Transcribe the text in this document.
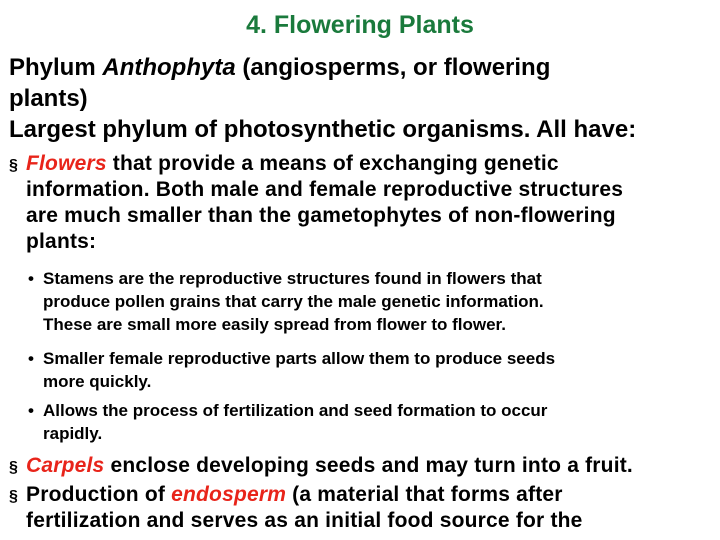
4. Flowering Plants
Phylum Anthophyta (angiosperms, or flowering
plants)
Largest phylum of photosynthetic organisms. All have:
§ Flowers that provide a means of exchanging genetic
information. Both male and female reproductive structures
are much smaller than the gametophytes of non-flowering
plants:
• Stamens are the reproductive structures found in flowers that
produce pollen grains that carry the male genetic information.
These are small more easily spread from flower to flower.
• Smaller female reproductive parts allow them to produce seeds
more quickly.
• Allows the process of fertilization and seed formation to occur
rapidly.
§ Carpels enclose developing seeds and may turn into a fruit.
§ Production of endosperm (a material that forms after
fertilization and serves as an initial food source for the
